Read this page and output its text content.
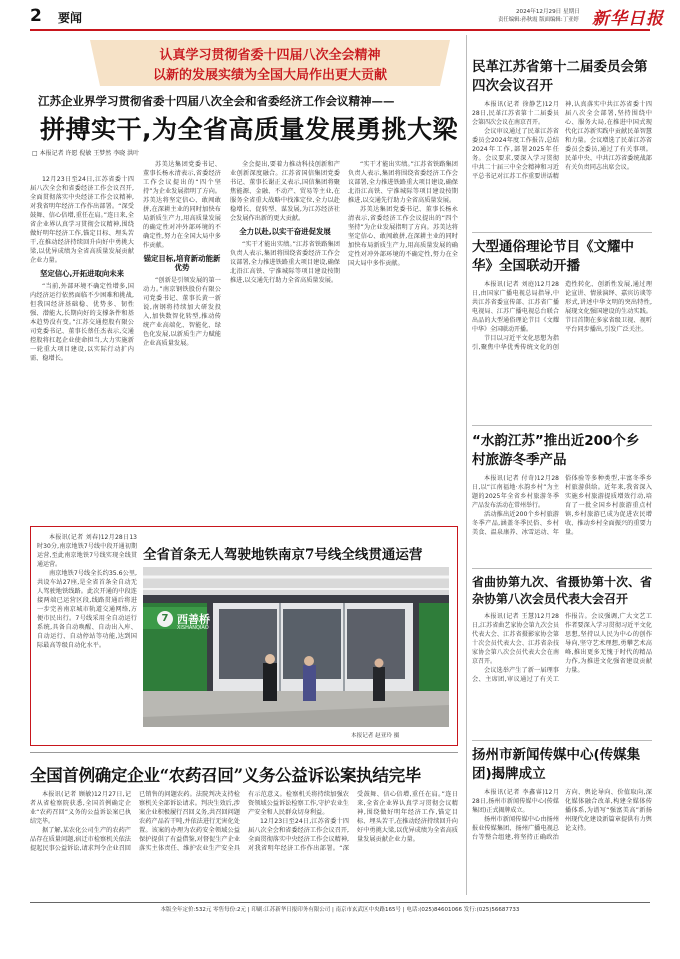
2 要闻	2024年12月29日 星期日
责任编辑:孙秋霞 版面编辑:丁亚婷 新华日报
认真学习贯彻省委十四届八次全会精神
以新的发展实绩为全国大局作出更大贡献
江苏企业界学习贯彻省委十四届八次全会和省委经济工作会议精神——
拼搏实干,为全省高质量发展勇挑大梁
□ 本报记者 许愿 倪敏 王梦然 李晓 洪叶

12月23日至24日,江苏省委十四届八次全会和省委经济工作会议召开,全面贯彻落实中央经济工作会议精神,对我省明年经济工作作出部署。“深受鼓舞、信心倍增,重任在肩。”连日来,全省企业界认真学习贯彻会议精神,围绕做好明年经济工作,锚定目标、埋头苦干,在推动经济持续回升向好中勇挑大梁,以优异成绩为全省高质量发展贡献企业力量。

坚定信心,开拓进取向未来

“当前,外部环境不确定性增多,国内经济运行依然面临不少困难和挑战,但我国经济基础稳、优势多、韧性强、潜能大,长期向好的支撑条件和基本趋势没有变。”江苏交通控股有限公司党委书记、董事长蔡任杰表示,交通控股将扛起企业使命担当,大力实施新一轮重大项目建设,以实际行动扩内需、稳增长。

苏美达集团党委书记、董事长杨永清表示,省委经济工作会议提出的“四个坚持”为企业发展指明了方向。苏美达将坚定信心、敢闯敢拼,在深耕主业的同时加快布局新质生产力,用高质量发展的确定性对冲外部环境的不确定性,努力在全国大局中多作贡献。

锚定目标,培育新动能新优势

“创新是引领发展的第一动力。”南京钢铁股份有限公司党委书记、董事长黄一新说,南钢将持续加大研发投入,加快数智化转型,推动传统产业高端化、智能化、绿色化发展,以新质生产力赋能企业高质量发展。

全会提出,要着力推动科技创新和产业创新深度融合。江苏省国信集团党委书记、董事长谢正义表示,国信集团将聚焦能源、金融、不动产、贸易等主业,在服务全省重大战略中找准定位,全力以赴稳增长、促转型、谋发展,为江苏经济社会发展作出新的更大贡献。

全力以赴,以实干奋进促发展

“实干才能出实绩。”江苏省铁路集团负责人表示,集团将围绕省委经济工作会议部署,全力推进铁路重大项目建设,确保北沿江高铁、宁淮城际等项目建设按期推进,以交通先行助力全省高质量发展。

“实干才能出实绩。”江苏省铁路集团负责人表示,集团将围绕省委经济工作会议部署,全力推进铁路重大项目建设,确保北沿江高铁、宁淮城际等项目建设按期推进,以交通先行助力全省高质量发展。

苏美达集团党委书记、董事长杨永清表示,省委经济工作会议提出的“四个坚持”为企业发展指明了方向。苏美达将坚定信心、敢闯敢拼,在深耕主业的同时加快布局新质生产力,用高质量发展的确定性对冲外部环境的不确定性,努力在全国大局中多作贡献。

民革江苏省第十二届委员会第四次会议召开

本报讯(记者 徐静艺)12月28日,民革江苏省第十二届委员会第四次会议在南京召开。

会议审议通过了民革江苏省委员会2024年度工作报告,总结2024年工作,部署2025年任务。会议要求,要深入学习贯彻中共二十届三中全会精神和习近平总书记对江苏工作重要讲话精神,认真落实中共江苏省委十四届八次全会部署,坚持围绕中心、服务大局,在推进中国式现代化江苏新实践中贡献民革智慧和力量。会议增选了民革江苏省委员会委员,通过了有关事项。民革中央、中共江苏省委统战部有关负责同志出席会议。

大型通俗理论节目《文耀中华》全国联动开播

本报讯(记者 刘庭)12月28日,由国家广播电视总局指导,中共江苏省委宣传部、江苏省广播电视局、江苏广播电视总台联合出品的大型通俗理论节目《文耀中华》全国联动开播。

节目以习近平文化思想为指引,聚焦中华优秀传统文化的创造性转化、创新性发展,通过理论宣讲、情景演绎、嘉宾访谈等形式,讲述中华文明的突出特性,展现文化强国建设的生动实践。节目首期在多家省级卫视、视听平台同步播出,引发广泛关注。

“水韵江苏”推出近200个乡村旅游冬季产品

本报讯(记者 付奇)12月28日,以“江南福地·水韵乡村”为主题的2025年全省乡村旅游冬季产品发布活动在常州举行。

活动推出近200个乡村旅游冬季产品,涵盖冬季民俗、乡村美食、温泉康养、冰雪运动、年俗体验等多种类型,丰富冬季乡村旅游供给。近年来,我省深入实施乡村旅游提质增效行动,培育了一批全国乡村旅游重点村镇,乡村旅游已成为促进农民增收、推动乡村全面振兴的重要力量。

省曲协第九次、省摄协第十次、省杂协第八次会员代表大会召开

本报讯(记者 王慧)12月28日,江苏省曲艺家协会第九次会员代表大会、江苏省摄影家协会第十次会员代表大会、江苏省杂技家协会第八次会员代表大会在南京召开。

会议选举产生了新一届理事会、主席团,审议通过了有关工作报告。会议强调,广大文艺工作者要深入学习贯彻习近平文化思想,坚持以人民为中心的创作导向,坚守艺术理想,勇攀艺术高峰,推出更多无愧于时代的精品力作,为推进文化强省建设贡献力量。

扬州市新闻传媒中心(传媒集团)揭牌成立

本报讯(记者 李鑫睿)12月28日,扬州市新闻传媒中心(传媒集团)正式揭牌成立。

扬州市新闻传媒中心由扬州报业传媒集团、扬州广播电视总台等整合组建,将坚持正确政治方向、舆论导向、价值取向,深化媒体融合改革,构建全媒体传播体系,为谱写“强富美高”新扬州现代化建设新篇章提供有力舆论支持。

本报讯(记者 刘春)12月28日13时30分,南京地铁7号线中段开通初期运营,至此南京地铁7号线实现全线贯通运营。

南京地铁7号线全长约35.6公里,共设车站27座,是全省首条全自动无人驾驶地铁线路。此次开通的中段连接两端已运营区段,线路贯通后将进一步完善南京城市轨道交通网络,方便市民出行。7号线采用全自动运行系统,具备自动唤醒、自动出入库、自动运行、自动停站等功能,达到国际最高等级自动化水平。

全省首条无人驾驶地铁南京7号线全线贯通运营
7 西善桥
XISHANQIAO
本报记者 赵亚玲 摄
全国首例确定企业“农药召回”义务公益诉讼案执结完毕

本报讯(记者 顾敏)12月27日,记者从省检察院获悉,全国首例确定企业“农药召回”义务的公益诉讼案已执结完毕。

据了解,某农化公司生产的农药产品存在质量问题,宿迁市检察机关依法提起民事公益诉讼,请求判令企业召回已销售的问题农药。法院判决支持检察机关全部诉讼请求。判决生效后,涉案企业积极履行召回义务,共召回问题农药产品若干吨,并依法进行无害化处置。该案的办理为农药安全领域公益保护提供了有益借鉴,对督促生产企业落实主体责任、维护农业生产安全具有示范意义。检察机关将持续加强农资领域公益诉讼检察工作,守护农业生产安全和人民群众切身利益。

12月23日至24日,江苏省委十四届八次全会和省委经济工作会议召开,全面贯彻落实中央经济工作会议精神,对我省明年经济工作作出部署。“深受鼓舞、信心倍增,重任在肩。”连日来,全省企业界认真学习贯彻会议精神,围绕做好明年经济工作,锚定目标、埋头苦干,在推动经济持续回升向好中勇挑大梁,以优异成绩为全省高质量发展贡献企业力量。

本版全年定价:532元 零售每份:2元 | 印刷:江苏新华日报印务有限公司 | 南京市玄武区中央路165号 | 电话:(025)84601066 发行:(025)56687733
